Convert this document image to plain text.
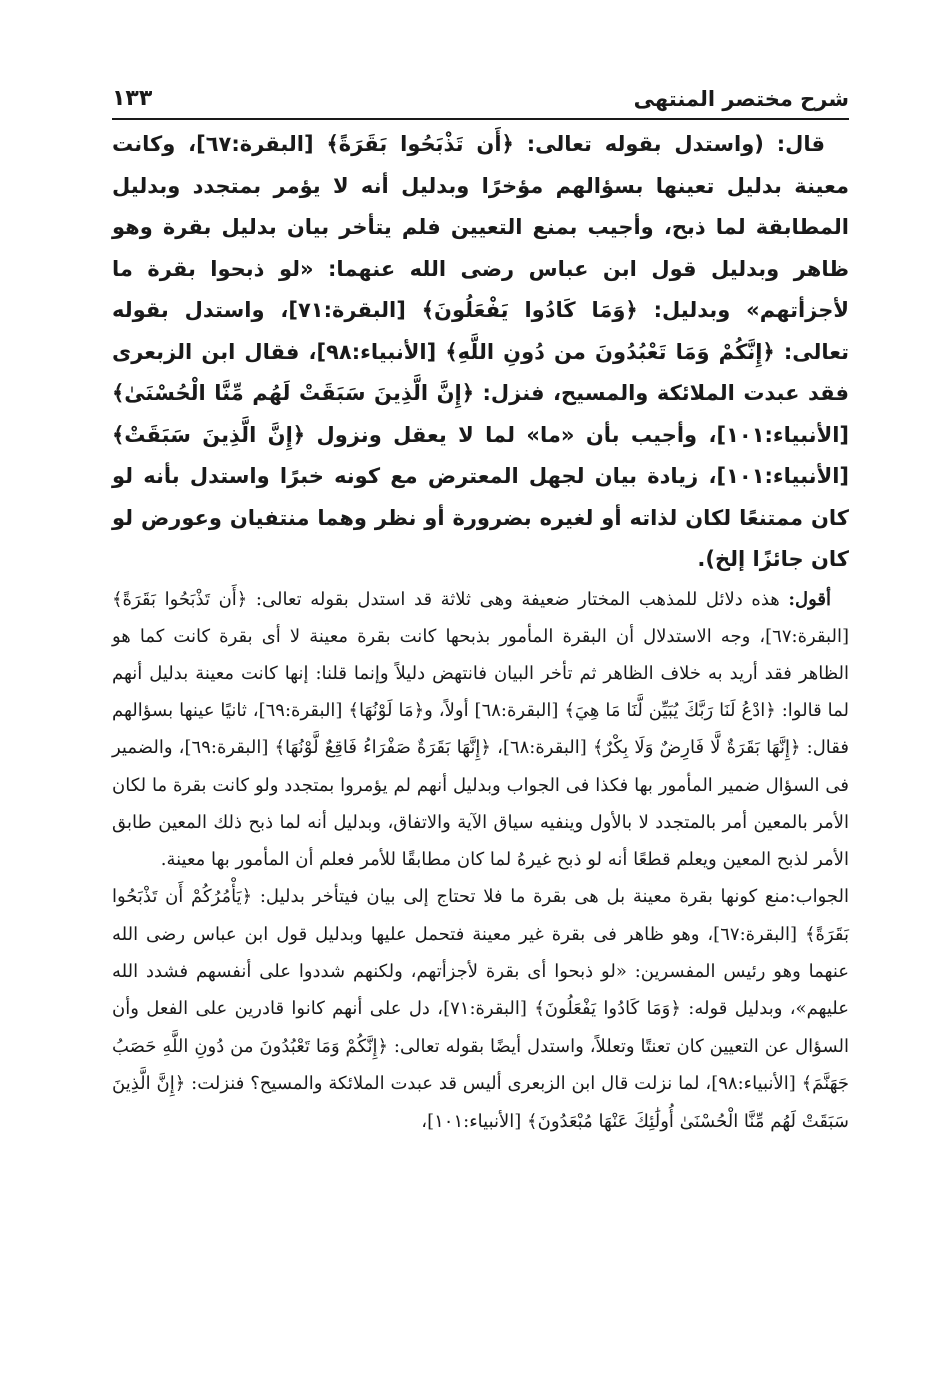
شرح مختصر المنتهى
١٣٣

قال: (واستدل بقوله تعالى: ﴿أَن تَذْبَحُوا بَقَرَةً﴾ [البقرة:٦٧]، وكانت معينة بدليل تعينها بسؤالهم مؤخرًا وبدليل أنه لا يؤمر بمتجدد وبدليل المطابقة لما ذبح، وأجيب بمنع التعيين فلم يتأخر بيان بدليل بقرة وهو ظاهر وبدليل قول ابن عباس رضى الله عنهما: «لو ذبحوا بقرة ما لأجزأتهم» وبدليل: ﴿وَمَا كَادُوا يَفْعَلُونَ﴾ [البقرة:٧١]، واستدل بقوله تعالى: ﴿إِنَّكُمْ وَمَا تَعْبُدُونَ من دُونِ اللَّهِ﴾ [الأنبياء:٩٨]، فقال ابن الزبعرى فقد عبدت الملائكة والمسيح، فنزل: ﴿إِنَّ الَّذِينَ سَبَقَتْ لَهُم مِّنَّا الْحُسْنَىٰ﴾ [الأنبياء:١٠١]، وأجيب بأن «ما» لما لا يعقل ونزول ﴿إِنَّ الَّذِينَ سَبَقَتْ﴾ [الأنبياء:١٠١]، زيادة بيان لجهل المعترض مع كونه خبرًا واستدل بأنه لو كان ممتنعًا لكان لذاته أو لغيره بضرورة أو نظر وهما منتفيان وعورض لو كان جائزًا إلخ).

أقول: هذه دلائل للمذهب المختار ضعيفة وهى ثلاثة قد استدل بقوله تعالى: ﴿أَن تَذْبَحُوا بَقَرَةً﴾ [البقرة:٦٧]، وجه الاستدلال أن البقرة المأمور بذبحها كانت بقرة معينة لا أى بقرة كانت كما هو الظاهر فقد أريد به خلاف الظاهر ثم تأخر البيان فانتهض دليلاً وإنما قلنا: إنها كانت معينة بدليل أنهم لما قالوا: ﴿ادْعُ لَنَا رَبَّكَ يُبَيِّن لَّنَا مَا هِيَ﴾ [البقرة:٦٨] أولاً، و﴿مَا لَوْنُهَا﴾ [البقرة:٦٩]، ثانيًا عينها بسؤالهم فقال: ﴿إِنَّهَا بَقَرَةٌ لَّا فَارِضٌ وَلَا بِكْرٌ﴾ [البقرة:٦٨]، ﴿إِنَّهَا بَقَرَةٌ صَفْرَاءُ فَاقِعٌ لَّوْنُهَا﴾ [البقرة:٦٩]، والضمير فى السؤال ضمير المأمور بها فكذا فى الجواب وبدليل أنهم لم يؤمروا بمتجدد ولو كانت بقرة ما لكان الأمر بالمعين أمر بالمتجدد لا بالأول وينفيه سياق الآية والاتفاق، وبدليل أنه لما ذبح ذلك المعين طابق الأمر لذبح المعين ويعلم قطعًا أنه لو ذبح غيرهُ لما كان مطابقًا للأمر فعلم أن المأمور بها معينة.

الجواب:منع كونها بقرة معينة بل هى بقرة ما فلا تحتاج إلى بيان فيتأخر بدليل: ﴿يَأْمُرُكُمْ أَن تَذْبَحُوا بَقَرَةً﴾ [البقرة:٦٧]، وهو ظاهر فى بقرة غير معينة فتحمل عليها وبدليل قول ابن عباس رضى الله عنهما وهو رئيس المفسرين: «لو ذبحوا أى بقرة لأجزأتهم، ولكنهم شددوا على أنفسهم فشدد الله عليهم»، وبدليل قوله: ﴿وَمَا كَادُوا يَفْعَلُونَ﴾ [البقرة:٧١]، دل على أنهم كانوا قادرين على الفعل وأن السؤال عن التعيين كان تعنتًا وتعللاً، واستدل أيضًا بقوله تعالى: ﴿إِنَّكُمْ وَمَا تَعْبُدُونَ من دُونِ اللَّهِ حَصَبُ جَهَنَّمَ﴾ [الأنبياء:٩٨]، لما نزلت قال ابن الزبعرى أليس قد عبدت الملائكة والمسيح؟ فنزلت: ﴿إِنَّ الَّذِينَ سَبَقَتْ لَهُم مِّنَّا الْحُسْنَىٰ أُولَٰئِكَ عَنْهَا مُبْعَدُونَ﴾ [الأنبياء:١٠١]،
